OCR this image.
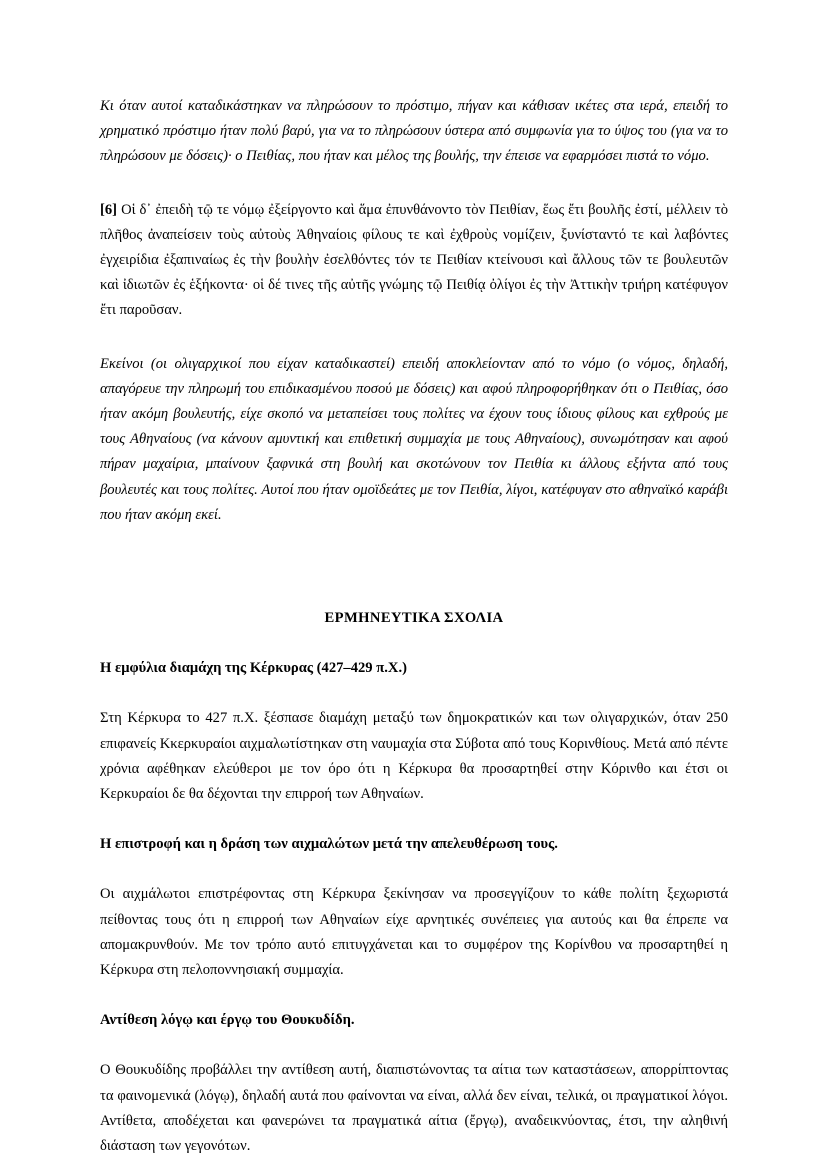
Κι όταν αυτοί καταδικάστηκαν να πληρώσουν το πρόστιμο, πήγαν και κάθισαν ικέτες στα ιερά, επειδή το χρηματικό πρόστιμο ήταν πολύ βαρύ, για να το πληρώσουν ύστερα από συμφωνία για το ύψος του (για να το πληρώσουν με δόσεις)· ο Πειθίας, που ήταν και μέλος της βουλής, την έπεισε να εφαρμόσει πιστά το νόμο.

[6] Οἱ δ᾽ ἐπειδὴ τῷ τε νόμῳ ἐξείργοντο καὶ ἅμα ἐπυνθάνοντο τὸν Πειθίαν, ἕως ἔτι βουλῆς ἐστί, μέλλειν τὸ πλῆθος ἀναπείσειν τοὺς αὐτοὺς Ἀθηναίοις φίλους τε καὶ ἐχθροὺς νομίζειν, ξυνίσταντό τε καὶ λαβόντες ἐγχειρίδια ἐξαπιναίως ἐς τὴν βουλὴν ἐσελθόντες τόν τε Πειθίαν κτείνουσι καὶ ἄλλους τῶν τε βουλευτῶν καὶ ἰδιωτῶν ἐς ἑξήκοντα· οἱ δέ τινες τῆς αὐτῆς γνώμης τῷ Πειθίᾳ ὀλίγοι ἐς τὴν Ἀττικὴν τριήρη κατέφυγον ἔτι παροῦσαν.

Εκείνοι (οι ολιγαρχικοί που είχαν καταδικαστεί) επειδή αποκλείονταν από το νόμο (ο νόμος, δηλαδή, απαγόρευε την πληρωμή του επιδικασμένου ποσού με δόσεις) και αφού πληροφορήθηκαν ότι ο Πειθίας, όσο ήταν ακόμη βουλευτής, είχε σκοπό να μεταπείσει τους πολίτες να έχουν τους ίδιους φίλους και εχθρούς με τους Αθηναίους (να κάνουν αμυντική και επιθετική συμμαχία με τους Αθηναίους), συνωμότησαν και αφού πήραν μαχαίρια, μπαίνουν ξαφνικά στη βουλή και σκοτώνουν τον Πειθία κι άλλους εξήντα από τους βουλευτές και τους πολίτες. Αυτοί που ήταν ομοϊδεάτες με τον Πειθία, λίγοι, κατέφυγαν στο αθηναϊκό καράβι που ήταν ακόμη εκεί.

ΕΡΜΗΝΕΥΤΙΚΑ ΣΧΟΛΙΑ
Η εμφύλια διαμάχη της Κέρκυρας (427–429 π.Χ.)

Στη Κέρκυρα το 427 π.Χ. ξέσπασε διαμάχη μεταξύ των δημοκρατικών και των ολιγαρχικών, όταν 250 επιφανείς Κκερκυραίοι αιχμαλωτίστηκαν στη ναυμαχία στα Σύβοτα από τους Κορινθίους. Μετά από πέντε χρόνια αφέθηκαν ελεύθεροι με τον όρο ότι η Κέρκυρα θα προσαρτηθεί στην Κόρινθο και έτσι οι Κερκυραίοι δε θα δέχονται την επιρροή των Αθηναίων.

Η επιστροφή και η δράση των αιχμαλώτων μετά την απελευθέρωση τους.

Οι αιχμάλωτοι επιστρέφοντας στη Κέρκυρα ξεκίνησαν να προσεγγίζουν το κάθε πολίτη ξεχωριστά πείθοντας τους ότι η επιρροή των Αθηναίων είχε αρνητικές συνέπειες για αυτούς και θα έπρεπε να απομακρυνθούν. Με τον τρόπο αυτό επιτυγχάνεται και το συμφέρον της Κορίνθου να προσαρτηθεί η Κέρκυρα στη πελοποννησιακή συμμαχία.

Αντίθεση λόγῳ και έργῳ του Θουκυδίδη.

Ο Θουκυδίδης προβάλλει την αντίθεση αυτή, διαπιστώνοντας τα αίτια των καταστάσεων, απορρίπτοντας τα φαινομενικά (λόγῳ), δηλαδή αυτά που φαίνονται να είναι, αλλά δεν είναι, τελικά, οι πραγματικοί λόγοι. Αντίθετα, αποδέχεται και φανερώνει τα πραγματικά αίτια (ἔργῳ), αναδεικνύοντας, έτσι, την αληθινή διάσταση των γεγονότων.
